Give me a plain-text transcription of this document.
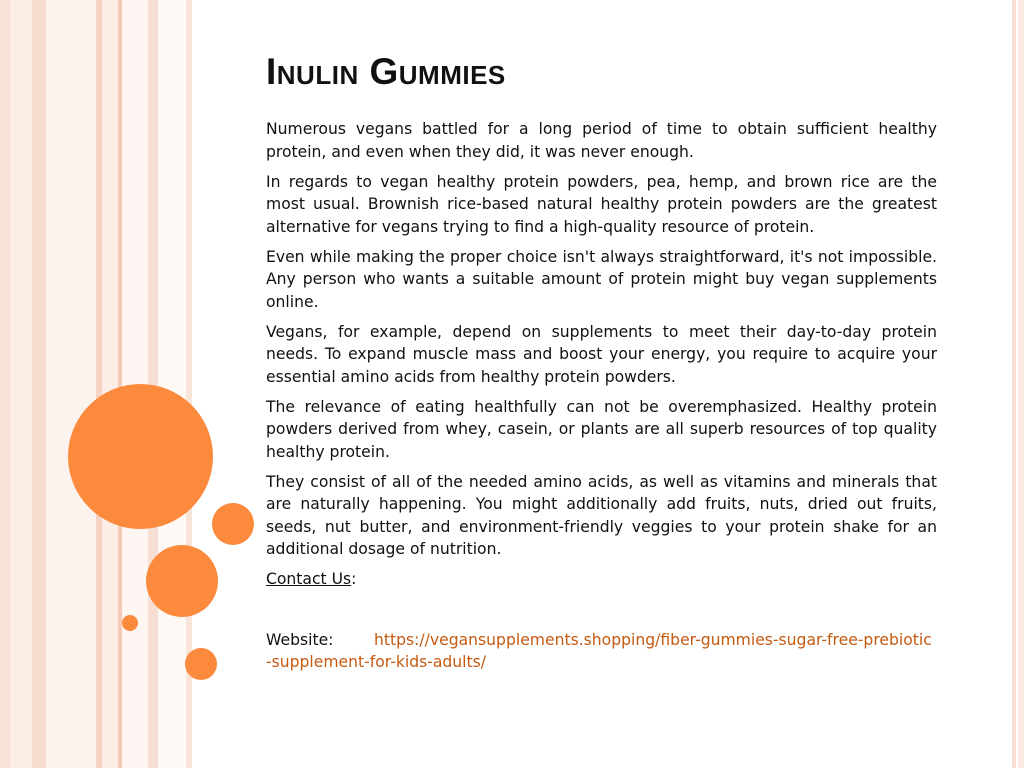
Inulin Gummies

Numerous vegans battled for a long period of time to obtain sufficient healthy protein, and even when they did, it was never enough.

In regards to vegan healthy protein powders, pea, hemp, and brown rice are the most usual. Brownish rice-based natural healthy protein powders are the greatest alternative for vegans trying to find a high-quality resource of protein.

Even while making the proper choice isn't always straightforward, it's not impossible. Any person who wants a suitable amount of protein might buy vegan supplements online.

Vegans, for example, depend on supplements to meet their day-to-day protein needs. To expand muscle mass and boost your energy, you require to acquire your essential amino acids from healthy protein powders.

The relevance of eating healthfully can not be overemphasized. Healthy protein powders derived from whey, casein, or plants are all superb resources of top quality healthy protein.

They consist of all of the needed amino acids, as well as vitamins and minerals that are naturally happening. You might additionally add fruits, nuts, dried out fruits, seeds, nut butter, and environment-friendly veggies to your protein shake for an additional dosage of nutrition.

Contact Us:

Website:	https://vegansupplements.shopping/fiber-gummies-sugar-free-prebiotic-supplement-for-kids-adults/
